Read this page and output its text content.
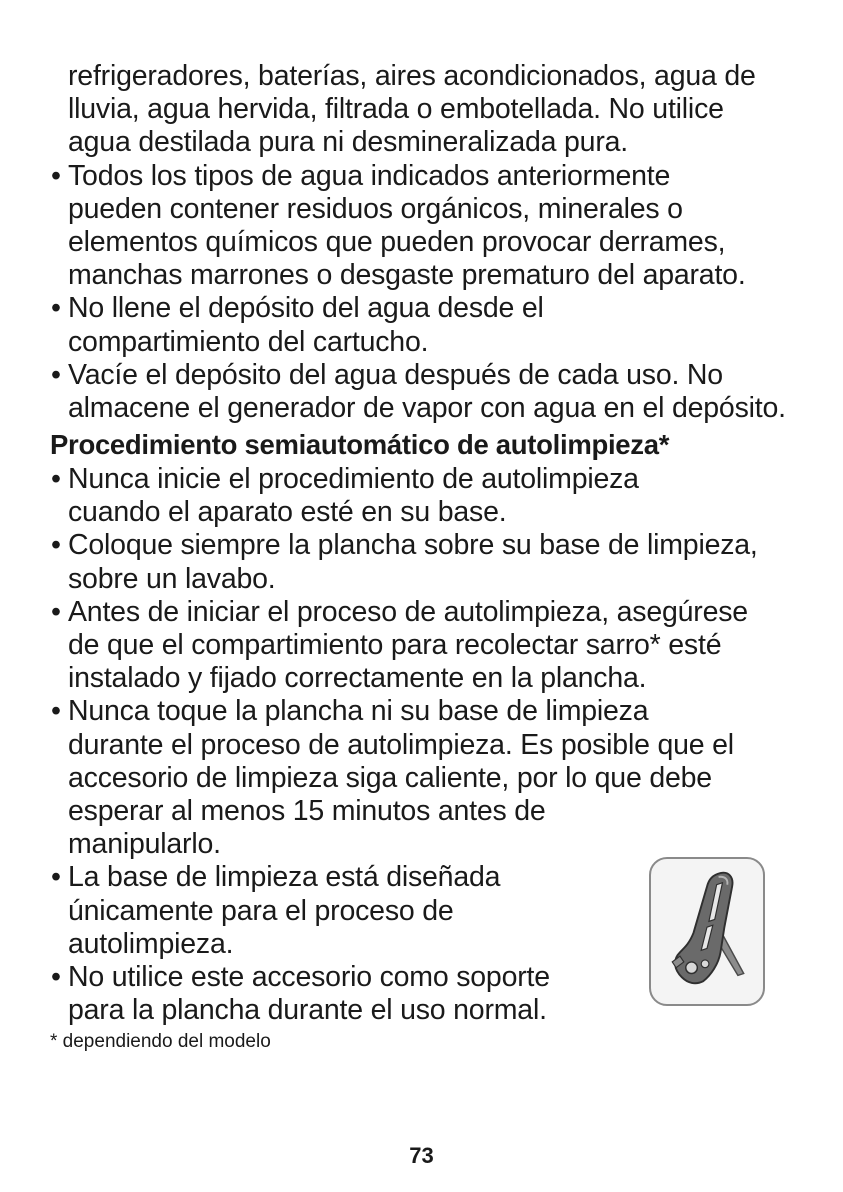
refrigeradores, baterías, aires acondicionados, agua de
lluvia, agua hervida, filtrada o embotellada. No utilice
agua destilada pura ni desmineralizada pura.
• Todos los tipos de agua indicados anteriormente
pueden contener residuos orgánicos, minerales o
elementos químicos que pueden provocar derrames,
manchas marrones o desgaste prematuro del aparato.
• No llene el depósito del agua desde el
compartimiento del cartucho.
• Vacíe el depósito del agua después de cada uso. No
almacene el generador de vapor con agua en el depósito.
Procedimiento semiautomático de autolimpieza*
• Nunca inicie el procedimiento de autolimpieza
cuando el aparato esté en su base.
• Coloque siempre la plancha sobre su base de limpieza,
sobre un lavabo.
• Antes de iniciar el proceso de autolimpieza, asegúrese
de que el compartimiento para recolectar sarro* esté
instalado y fijado correctamente en la plancha.
• Nunca toque la plancha ni su base de limpieza
durante el proceso de autolimpieza. Es posible que el
accesorio de limpieza siga caliente, por lo que debe
esperar al menos 15 minutos antes de
manipularlo.
• La base de limpieza está diseñada
únicamente para el proceso de
autolimpieza.
• No utilice este accesorio como soporte
para la plancha durante el uso normal.
* dependiendo del modelo
73
